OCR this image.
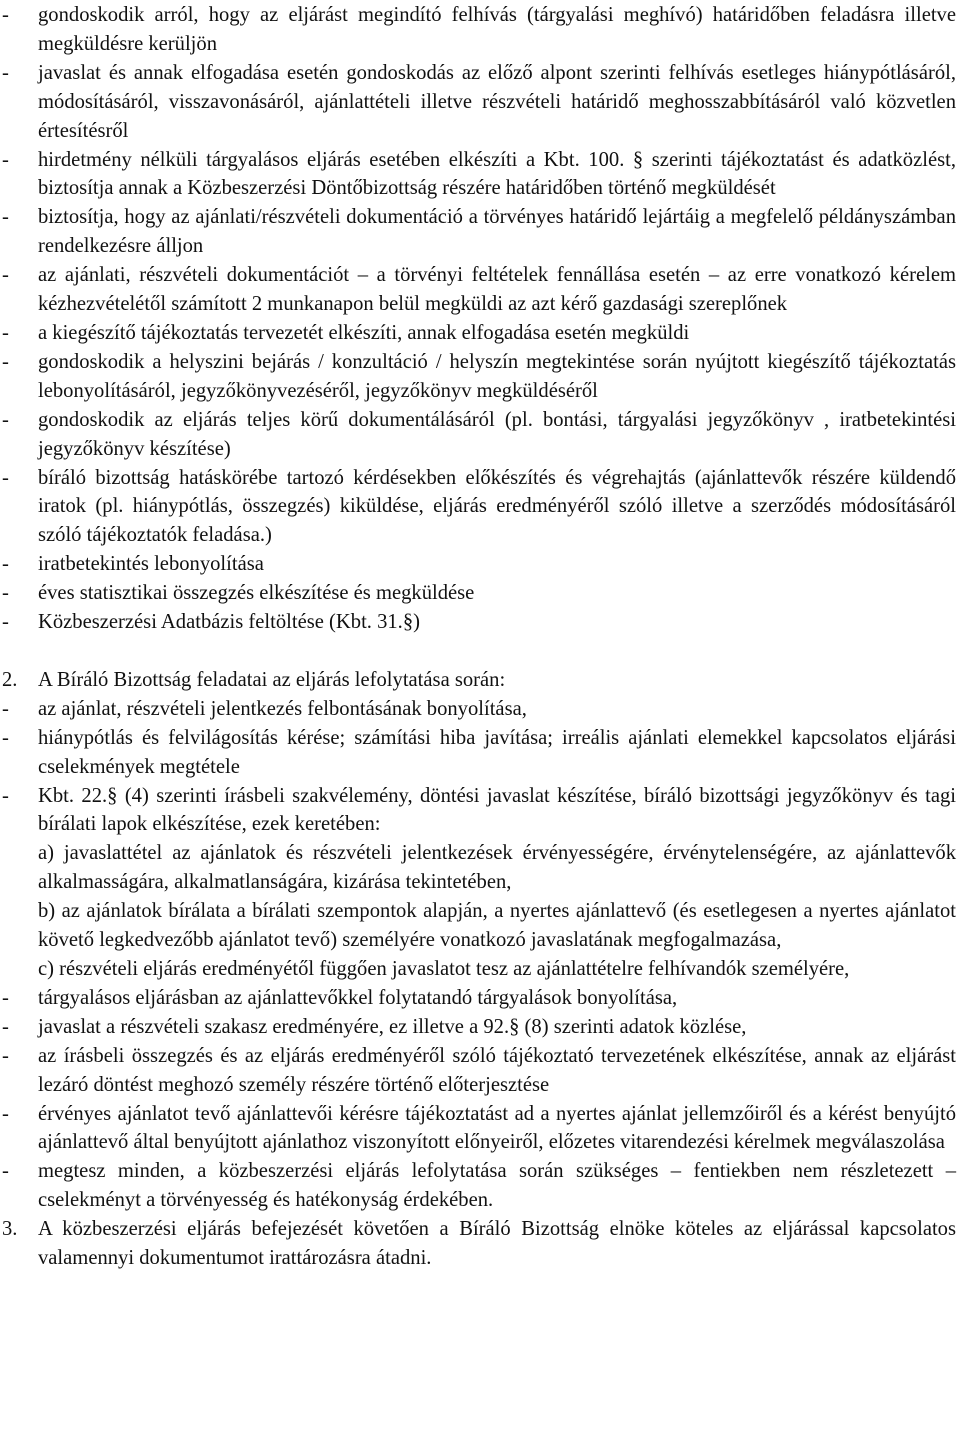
- gondoskodik arról, hogy az eljárást megindító felhívás (tárgyalási meghívó) határidőben feladásra illetve megküldésre kerüljön
- javaslat és annak elfogadása esetén gondoskodás az előző alpont szerinti felhívás esetleges hiánypótlásáról, módosításáról, visszavonásáról, ajánlattételi illetve részvételi határidő meghosszabbításáról való közvetlen értesítésről
- hirdetmény nélküli tárgyalásos eljárás esetében elkészíti a Kbt. 100. § szerinti tájékoztatást és adatközlést, biztosítja annak a Közbeszerzési Döntőbizottság részére határidőben történő megküldését
- biztosítja, hogy az ajánlati/részvételi dokumentáció a törvényes határidő lejártáig a megfelelő példányszámban rendelkezésre álljon
- az ajánlati, részvételi dokumentációt – a törvényi feltételek fennállása esetén – az erre vonatkozó kérelem kézhezvételétől számított 2 munkanapon belül megküldi az azt kérő gazdasági szereplőnek
- a kiegészítő tájékoztatás tervezetét elkészíti, annak elfogadása esetén megküldi
- gondoskodik a helyszini bejárás / konzultáció / helyszín megtekintése során nyújtott kiegészítő tájékoztatás lebonyolításáról, jegyzőkönyvezéséről, jegyzőkönyv megküldéséről
- gondoskodik az eljárás teljes körű dokumentálásáról (pl. bontási, tárgyalási jegyzőkönyv , iratbetekintési jegyzőkönyv készítése)
- bíráló bizottság hatáskörébe tartozó kérdésekben előkészítés és végrehajtás (ajánlattevők részére küldendő iratok (pl. hiánypótlás, összegzés) kiküldése, eljárás eredményéről szóló illetve a szerződés módosításáról szóló tájékoztatók feladása.)
- iratbetekintés lebonyolítása
- éves statisztikai összegzés elkészítése és megküldése
- Közbeszerzési Adatbázis feltöltése (Kbt. 31.§)
2. A Bíráló Bizottság feladatai az eljárás lefolytatása során:
- az ajánlat, részvételi jelentkezés felbontásának bonyolítása,
- hiánypótlás és felvilágosítás kérése; számítási hiba javítása; irreális ajánlati elemekkel kapcsolatos eljárási cselekmények megtétele
- Kbt. 22.§ (4) szerinti írásbeli szakvélemény, döntési javaslat készítése, bíráló bizottsági jegyzőkönyv és tagi bírálati lapok elkészítése, ezek keretében:
a) javaslattétel az ajánlatok és részvételi jelentkezések érvényességére, érvénytelenségére, az ajánlattevők alkalmasságára, alkalmatlanságára, kizárása tekintetében,
b) az ajánlatok bírálata a bírálati szempontok alapján, a nyertes ajánlattevő (és esetlegesen a nyertes ajánlatot követő legkedvezőbb ajánlatot tevő) személyére vonatkozó javaslatának megfogalmazása,
c) részvételi eljárás eredményétől függően javaslatot tesz az ajánlattételre felhívandók személyére,
- tárgyalásos eljárásban az ajánlattevőkkel folytatandó tárgyalások bonyolítása,
- javaslat a részvételi szakasz eredményére, ez illetve a 92.§ (8) szerinti adatok közlése,
- az írásbeli összegzés és az eljárás eredményéről szóló tájékoztató tervezetének elkészítése, annak az eljárást lezáró döntést meghozó személy részére történő előterjesztése
- érvényes ajánlatot tevő ajánlattevői kérésre tájékoztatást ad a nyertes ajánlat jellemzőiről és a kérést benyújtó ajánlattevő által benyújtott ajánlathoz viszonyított előnyeiről, előzetes vitarendezési kérelmek megválaszolása
- megtesz minden, a közbeszerzési eljárás lefolytatása során szükséges – fentiekben nem részletezett – cselekményt a törvényesség és hatékonyság érdekében.
3. A közbeszerzési eljárás befejezését követően a Bíráló Bizottság elnöke köteles az eljárással kapcsolatos valamennyi dokumentumot irattározásra átadni.
